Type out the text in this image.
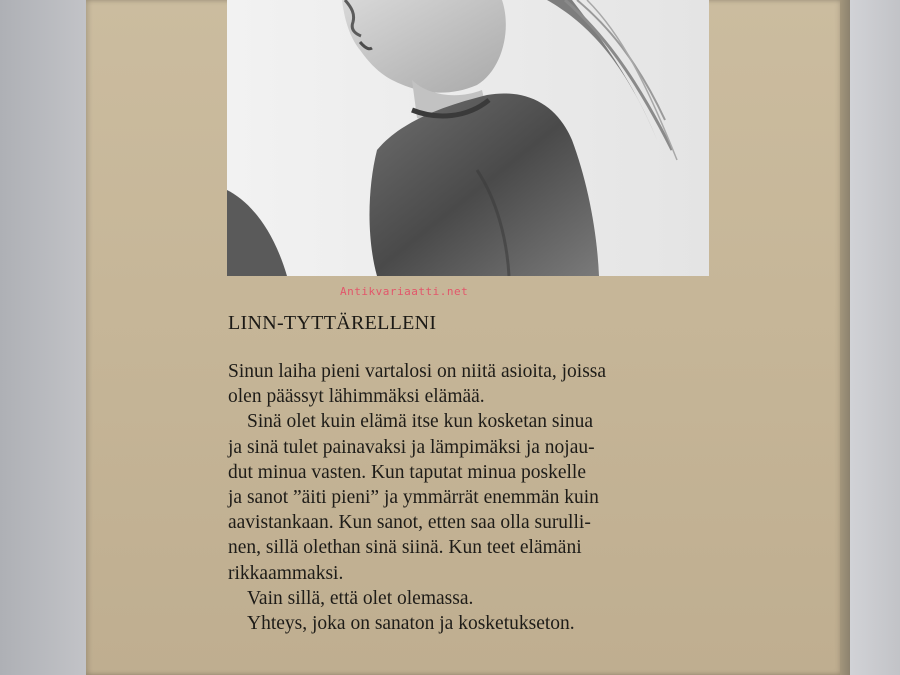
Antikvariaatti.net
LINN-TYTTÄRELLENI
Sinun laiha pieni vartalosi on niitä asioita, joissa
olen päässyt lähimmäksi elämää.
Sinä olet kuin elämä itse kun kosketan sinua
ja sinä tulet painavaksi ja lämpimäksi ja nojau-
dut minua vasten. Kun taputat minua poskelle
ja sanot ”äiti pieni” ja ymmärrät enemmän kuin
aavistankaan. Kun sanot, etten saa olla surulli-
nen, sillä olethan sinä siinä. Kun teet elämäni
rikkaammaksi.
Vain sillä, että olet olemassa.
Yhteys, joka on sanaton ja kosketukseton.
